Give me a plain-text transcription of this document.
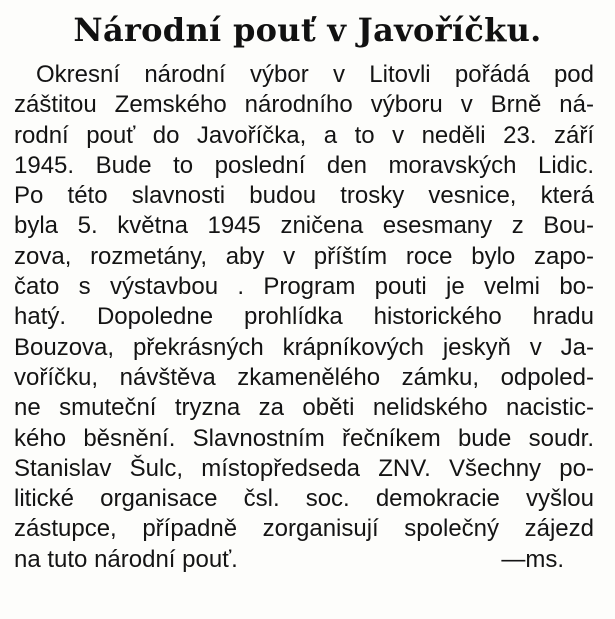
Národní pouť v Javoříčku.
Okresní národní výbor v Litovli pořádá pod
záštitou Zemského národního výboru v Brně ná-
rodní pouť do Javoříčka, a to v neděli 23. září
1945. Bude to poslední den moravských Lidic.
Po této slavnosti budou trosky vesnice, která
byla 5. května 1945 zničena esesmany z Bou-
zova, rozmetány, aby v příštím roce bylo zapo-
čato s výstavbou . Program pouti je velmi bo-
hatý. Dopoledne prohlídka historického hradu
Bouzova, překrásných krápníkových jeskyň v Ja-
voříčku, návštěva zkamenělého zámku, odpoled-
ne smuteční tryzna za oběti nelidského nacistic-
kého běsnění. Slavnostním řečníkem bude soudr.
Stanislav Šulc, místopředseda ZNV. Všechny po-
litické organisace čsl. soc. demokracie vyšlou
zástupce, případně zorganisují společný zájezd
na tuto národní pouť.	—ms.
